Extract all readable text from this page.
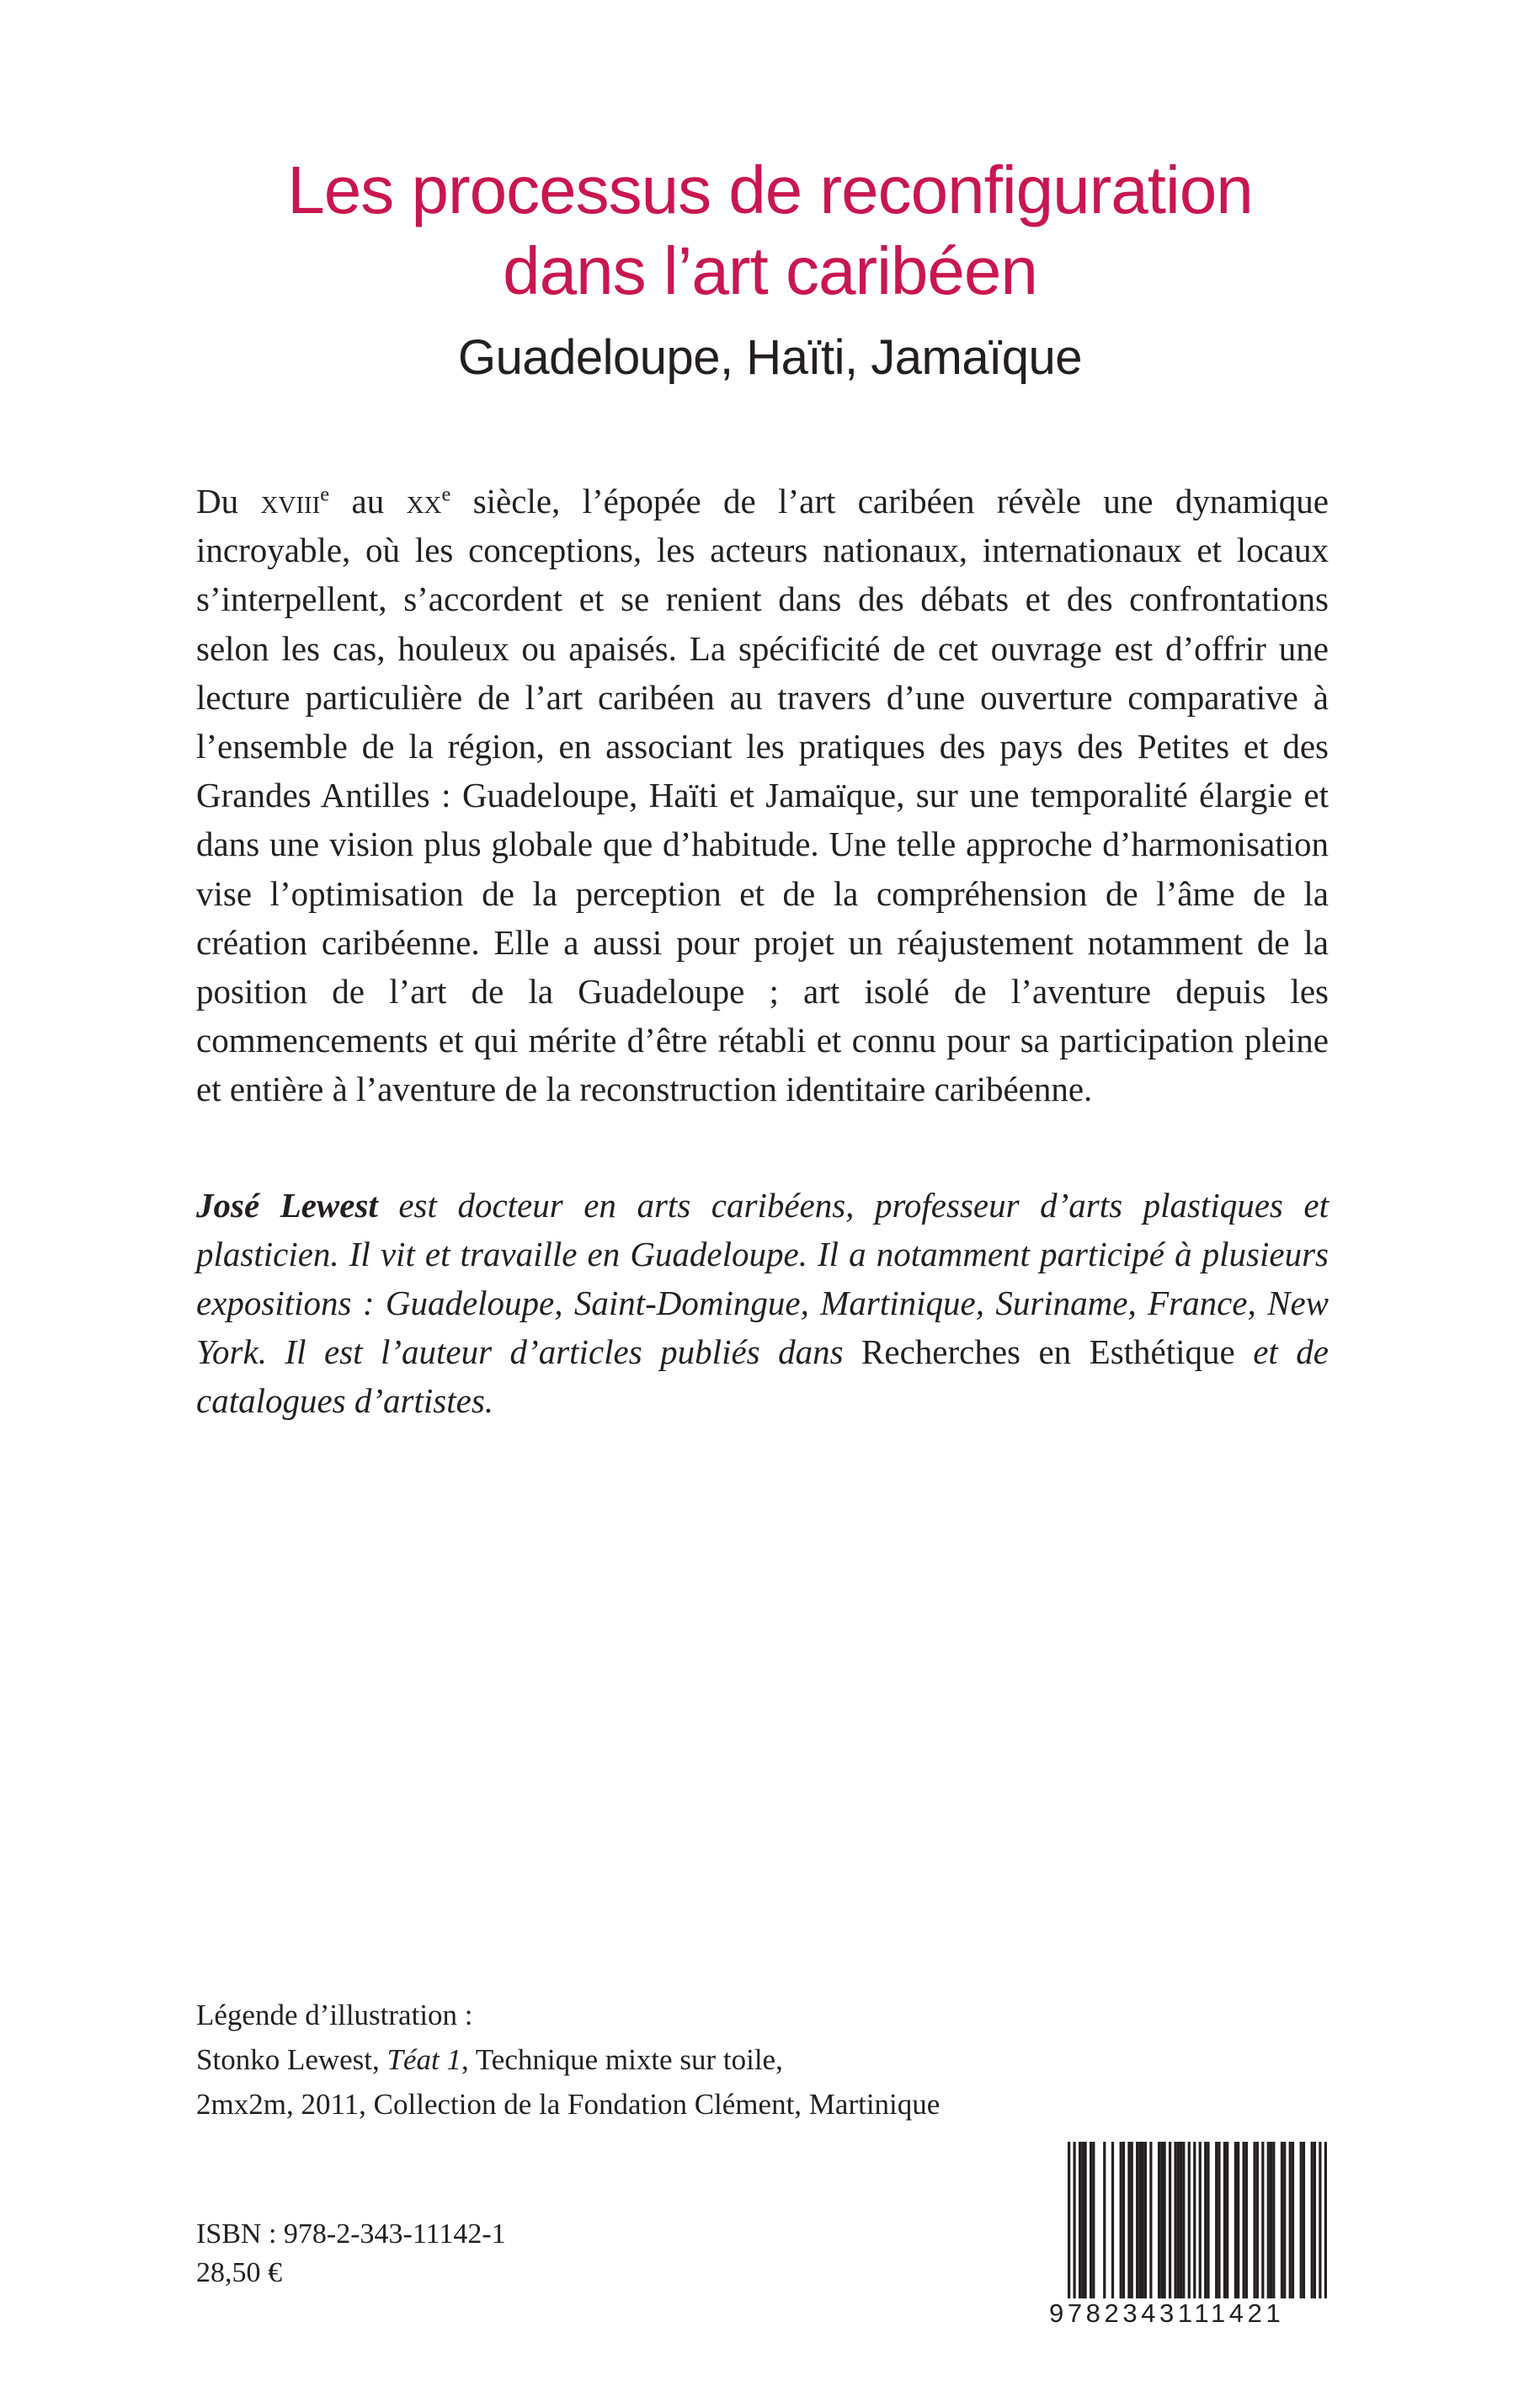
Les processus de reconfiguration
dans l’art caribéen
Guadeloupe, Haïti, Jamaïque

Du xviii$^e$ au $xx^e$ siècle, l’épopée de l’art caribéen révèle une dynamique incroyable, où les conceptions, les acteurs nationaux, internationaux et locaux s’interpellent, s’accordent et se renient dans des débats et des confrontations selon les cas, houleux ou apaisés. La spécificité de cet ouvrage est d’offrir une lecture particulière de l’art caribéen au travers d’une ouverture comparative à l’ensemble de la région, en associant les pratiques des pays des Petites et des Grandes Antilles : Guadeloupe, Haïti et Jamaïque, sur une temporalité élargie et dans une vision plus globale que d’habitude. Une telle approche d’harmonisation vise l’optimisation de la perception et de la compréhension de l’âme de la création caribéenne. Elle a aussi pour projet un réajustement notamment de la position de l’art de la Guadeloupe ; art isolé de l’aventure depuis les commencements et qui mérite d’être rétabli et connu pour sa participation pleine et entière à l’aventure de la reconstruction identitaire caribéenne.

José Lewest est docteur en arts caribéens, professeur d’arts plastiques et plasticien. Il vit et travaille en Guadeloupe. Il a notamment participé à plusieurs expositions : Guadeloupe, Saint-Domingue, Martinique, Suriname, France, New York. Il est l’auteur d’articles publiés dans Recherches en Esthétique et de catalogues d’artistes.
Légende d’illustration :
Stonko Lewest, Téat 1, Technique mixte sur toile,
2mx2m, 2011, Collection de la Fondation Clément, Martinique
ISBN : 978-2-343-11142-1
28,50 €
9782343111421
